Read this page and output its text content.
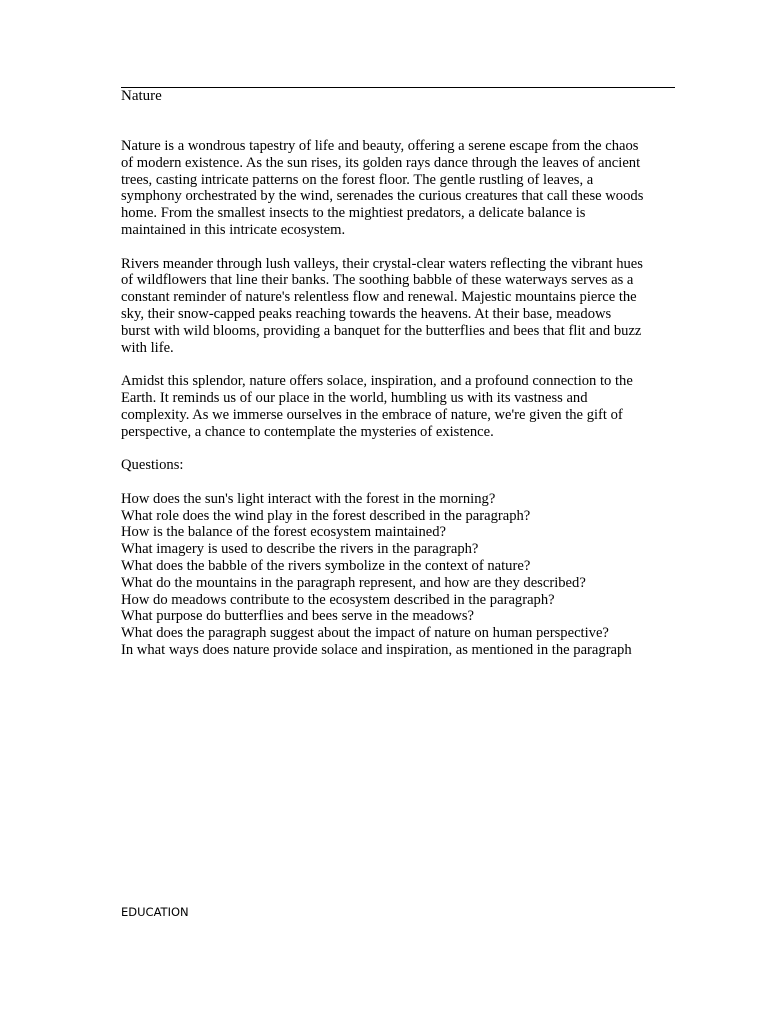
Nature

Nature is a wondrous tapestry of life and beauty, offering a serene escape from the chaos
of modern existence. As the sun rises, its golden rays dance through the leaves of ancient
trees, casting intricate patterns on the forest floor. The gentle rustling of leaves, a
symphony orchestrated by the wind, serenades the curious creatures that call these woods
home. From the smallest insects to the mightiest predators, a delicate balance is
maintained in this intricate ecosystem.

Rivers meander through lush valleys, their crystal-clear waters reflecting the vibrant hues
of wildflowers that line their banks. The soothing babble of these waterways serves as a
constant reminder of nature's relentless flow and renewal. Majestic mountains pierce the
sky, their snow-capped peaks reaching towards the heavens. At their base, meadows
burst with wild blooms, providing a banquet for the butterflies and bees that flit and buzz
with life.

Amidst this splendor, nature offers solace, inspiration, and a profound connection to the
Earth. It reminds us of our place in the world, humbling us with its vastness and
complexity. As we immerse ourselves in the embrace of nature, we're given the gift of
perspective, a chance to contemplate the mysteries of existence.

Questions:
How does the sun's light interact with the forest in the morning?
What role does the wind play in the forest described in the paragraph?
How is the balance of the forest ecosystem maintained?
What imagery is used to describe the rivers in the paragraph?
What does the babble of the rivers symbolize in the context of nature?
What do the mountains in the paragraph represent, and how are they described?
How do meadows contribute to the ecosystem described in the paragraph?
What purpose do butterflies and bees serve in the meadows?
What does the paragraph suggest about the impact of nature on human perspective?
In what ways does nature provide solace and inspiration, as mentioned in the paragraph
EDUCATION
